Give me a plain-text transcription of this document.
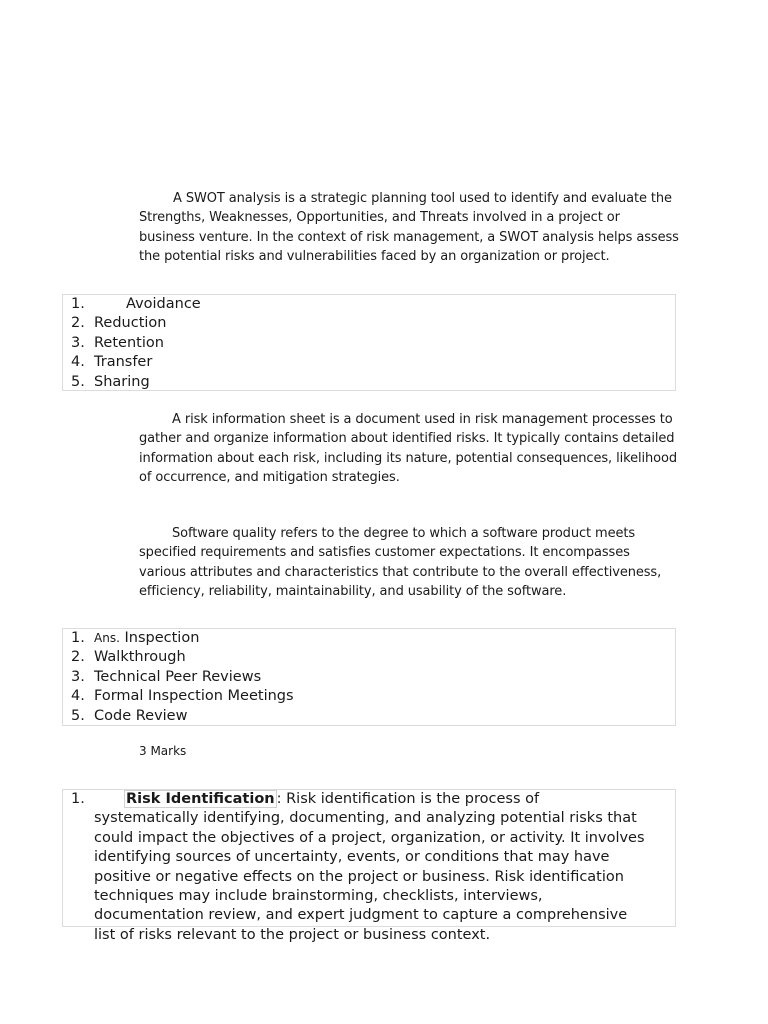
A SWOT analysis is a strategic planning tool used to identify and evaluate the Strengths, Weaknesses, Opportunities, and Threats involved in a project or business venture. In the context of risk management, a SWOT analysis helps assess the potential risks and vulnerabilities faced by an organization or project.
1.	Avoidance
2. Reduction
3. Retention
4. Transfer
5. Sharing
A risk information sheet is a document used in risk management processes to gather and organize information about identified risks. It typically contains detailed information about each risk, including its nature, potential consequences, likelihood of occurrence, and mitigation strategies.
Software quality refers to the degree to which a software product meets specified requirements and satisfies customer expectations. It encompasses various attributes and characteristics that contribute to the overall effectiveness, efficiency, reliability, maintainability, and usability of the software.
1. Ans. Inspection
2. Walkthrough
3. Technical Peer Reviews
4. Formal Inspection Meetings
5. Code Review
3 Marks
1.	Risk Identification : Risk identification is the process of systematically identifying, documenting, and analyzing potential risks that could impact the objectives of a project, organization, or activity. It involves identifying sources of uncertainty, events, or conditions that may have positive or negative effects on the project or business. Risk identification techniques may include brainstorming, checklists, interviews, documentation review, and expert judgment to capture a comprehensive list of risks relevant to the project or business context.
